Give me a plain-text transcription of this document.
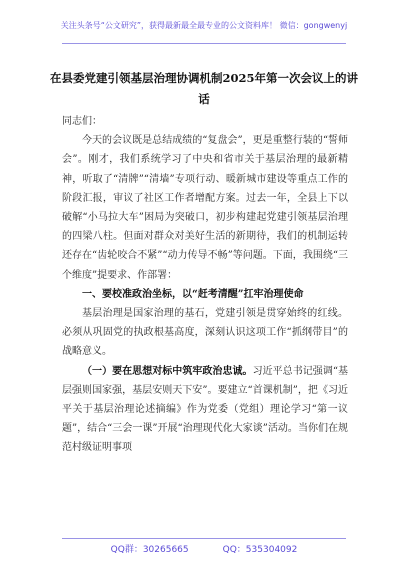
关注头条号“公文研究”，获得最新最全最专业的公文资料库！ 微信：gongwenyj
在县委党建引领基层治理协调机制2025年第一次会议上的讲话

同志们：

今天的会议既是总结成绩的“复盘会”，更是重整行装的“誓师会”。刚才，我们系统学习了中央和省市关于基层治理的最新精神，听取了“清牌”“清墙”专项行动、暖新城市建设等重点工作的阶段汇报，审议了社区工作者增配方案。过去一年，全县上下以破解“小马拉大车”困局为突破口，初步构建起党建引领基层治理的四梁八柱。但面对群众对美好生活的新期待，我们的机制运转还存在“齿轮咬合不紧”“动力传导不畅”等问题。下面，我围绕“三个维度”提要求、作部署：

一、要校准政治坐标，以“赶考清醒”扛牢治理使命

基层治理是国家治理的基石，党建引领是贯穿始终的红线。必须从巩固党的执政根基高度，深刻认识这项工作“抓纲带目”的战略意义。

（一）要在思想对标中筑牢政治忠诚。习近平总书记强调“基层强则国家强，基层安则天下安”。要建立“首课机制”，把《习近平关于基层治理论述摘编》作为党委（党组）理论学习“第一议题”，结合“三会一课”开展“治理现代化大家谈”活动。当你们在规范村级证明事项

QQ群：30265665	QQ：535304092
